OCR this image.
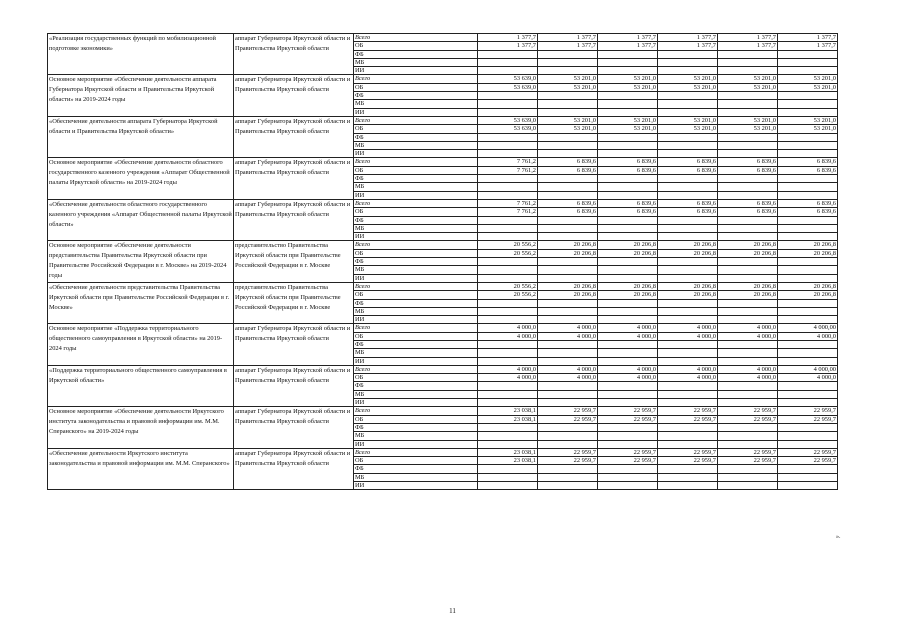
«Реализация государственных функций по мобилизационной подготовке экономики»	аппарат Губернатора Иркутской области и Правительства Иркутской области	Всего	1 377,7	1 377,7	1 377,7	1 377,7	1 377,7	1 377,7
		ОБ	1 377,7	1 377,7	1 377,7	1 377,7	1 377,7	1 377,7
		ФБ						
		МБ						
		ИИ						
Основное мероприятие «Обеспечение деятельности аппарата Губернатора Иркутской области и Правительства Иркутской области» на 2019-2024 годы	аппарат Губернатора Иркутской области и Правительства Иркутской области	Всего	53 639,0	53 201,0	53 201,0	53 201,0	53 201,0	53 201,0
		ОБ	53 639,0	53 201,0	53 201,0	53 201,0	53 201,0	53 201,0
		ФБ						
		МБ						
		ИИ						
«Обеспечение деятельности аппарата Губернатора Иркутской области и Правительства Иркутской области»	аппарат Губернатора Иркутской области и Правительства Иркутской области	Всего	53 639,0	53 201,0	53 201,0	53 201,0	53 201,0	53 201,0
		ОБ	53 639,0	53 201,0	53 201,0	53 201,0	53 201,0	53 201,0
		ФБ						
		МБ						
		ИИ						
Основное мероприятие «Обеспечение деятельности областного государственного казенного учреждения «Аппарат Общественной палаты Иркутской области» на 2019-2024 годы	аппарат Губернатора Иркутской области и Правительства Иркутской области	Всего	7 761,2	6 839,6	6 839,6	6 839,6	6 839,6	6 839,6
		ОБ	7 761,2	6 839,6	6 839,6	6 839,6	6 839,6	6 839,6
		ФБ						
		МБ						
		ИИ						
«Обеспечение деятельности областного государственного казенного учреждения «Аппарат Общественной палаты Иркутской области»	аппарат Губернатора Иркутской области и Правительства Иркутской области	Всего	7 761,2	6 839,6	6 839,6	6 839,6	6 839,6	6 839,6
		ОБ	7 761,2	6 839,6	6 839,6	6 839,6	6 839,6	6 839,6
		ФБ						
		МБ						
		ИИ						
Основное мероприятие «Обеспечение деятельности представительства Правительства Иркутской области при Правительстве Российской Федерации в г. Москве» на 2019-2024 годы	представительство Правительства Иркутской области при Правительстве Российской Федерации в г. Москве	Всего	20 556,2	20 206,8	20 206,8	20 206,8	20 206,8	20 206,8
		ОБ	20 556,2	20 206,8	20 206,8	20 206,8	20 206,8	20 206,8
		ФБ						
		МБ						
		ИИ						
«Обеспечение деятельности представительства Правительства Иркутской области при Правительстве Российской Федерации в г. Москве»	представительство Правительства Иркутской области при Правительстве Российской Федерации в г. Москве	Всего	20 556,2	20 206,8	20 206,8	20 206,8	20 206,8	20 206,8
		ОБ	20 556,2	20 206,8	20 206,8	20 206,8	20 206,8	20 206,8
		ФБ						
		МБ						
		ИИ						
Основное мероприятие «Поддержка территориального общественного самоуправления в Иркутской области» на 2019-2024 годы	аппарат Губернатора Иркутской области и Правительства Иркутской области	Всего	4 000,0	4 000,0	4 000,0	4 000,0	4 000,0	4 000,00
		ОБ	4 000,0	4 000,0	4 000,0	4 000,0	4 000,0	4 000,0
		ФБ						
		МБ						
		ИИ						
«Поддержка территориального общественного самоуправления в Иркутской области»	аппарат Губернатора Иркутской области и Правительства Иркутской области	Всего	4 000,0	4 000,0	4 000,0	4 000,0	4 000,0	4 000,00
		ОБ	4 000,0	4 000,0	4 000,0	4 000,0	4 000,0	4 000,0
		ФБ						
		МБ						
		ИИ						
Основное мероприятие «Обеспечение деятельности Иркутского института законодательства и правовой информации им. М.М. Сперанского» на 2019-2024 годы	аппарат Губернатора Иркутской области и Правительства Иркутской области	Всего	23 038,1	22 959,7	22 959,7	22 959,7	22 959,7	22 959,7
		ОБ	23 038,1	22 959,7	22 959,7	22 959,7	22 959,7	22 959,7
		ФБ						
		МБ						
		ИИ						
«Обеспечение деятельности Иркутского института законодательства и правовой информации им. М.М. Сперанского»	аппарат Губернатора Иркутской области и Правительства Иркутской области	Всего	23 038,1	22 959,7	22 959,7	22 959,7	22 959,7	22 959,7
		ОБ	23 038,1	22 959,7	22 959,7	22 959,7	22 959,7	22 959,7
		ФБ						
		МБ						
		ИИ						
».
11
